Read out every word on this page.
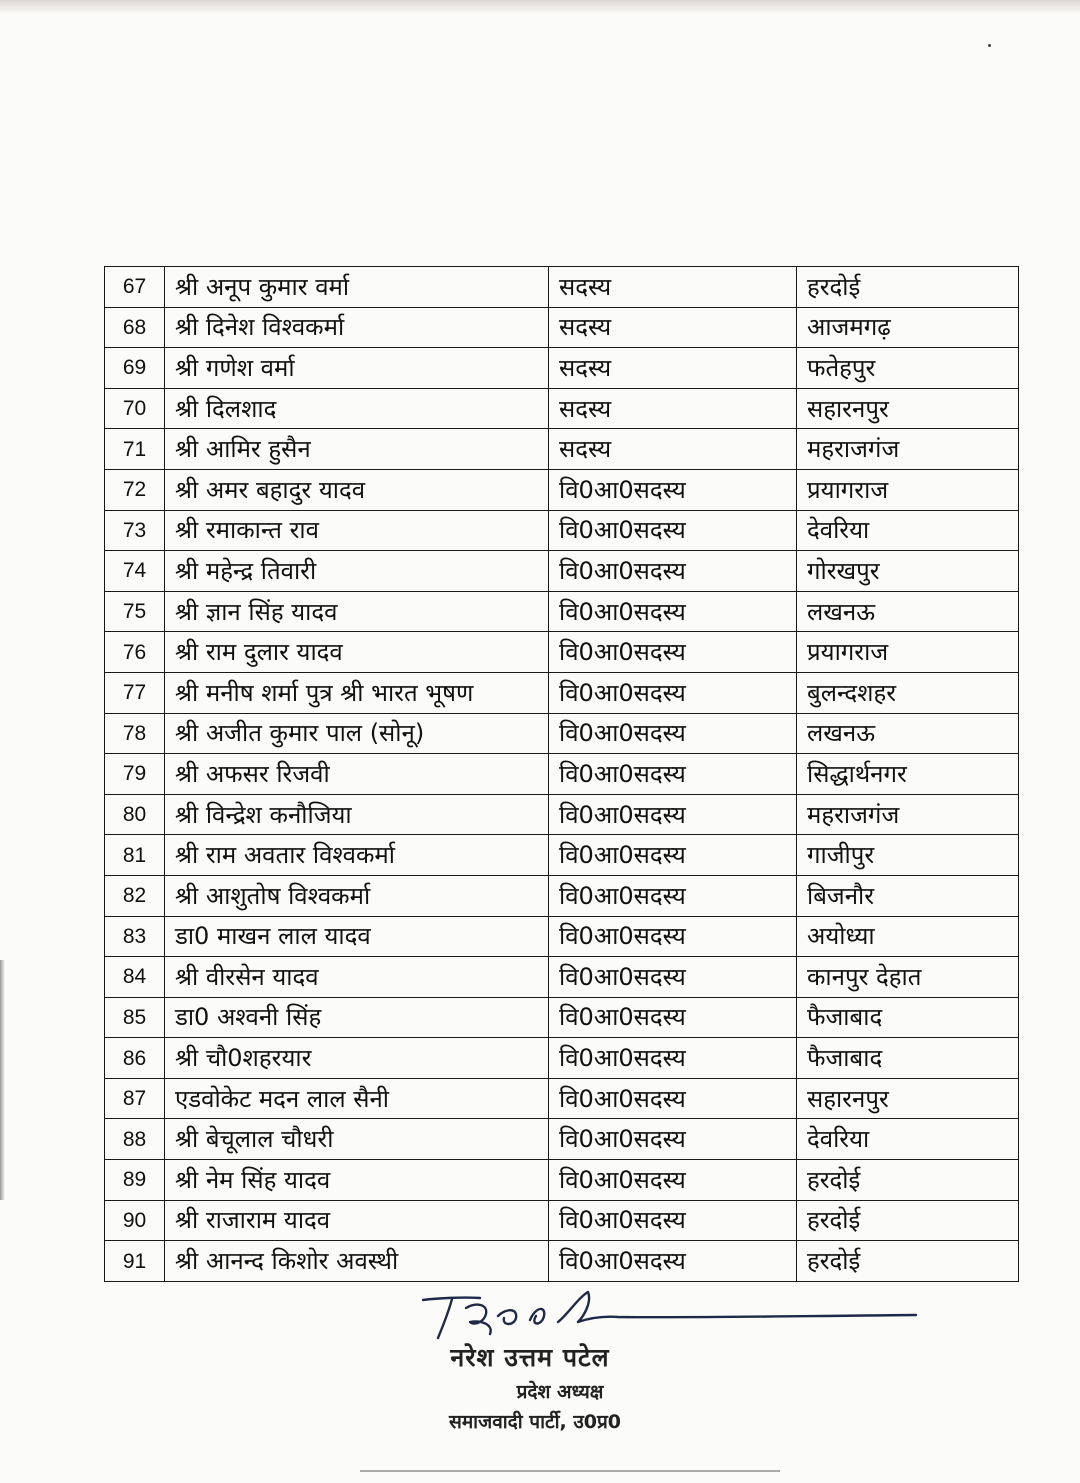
67	श्री अनूप कुमार वर्मा	सदस्य	हरदोई
68	श्री दिनेश विश्वकर्मा	सदस्य	आजमगढ़
69	श्री गणेश वर्मा	सदस्य	फतेहपुर
70	श्री दिलशाद	सदस्य	सहारनपुर
71	श्री आमिर हुसैन	सदस्य	महराजगंज
72	श्री अमर बहादुर यादव	वि0आ0सदस्य	प्रयागराज
73	श्री रमाकान्त राव	वि0आ0सदस्य	देवरिया
74	श्री महेन्द्र तिवारी	वि0आ0सदस्य	गोरखपुर
75	श्री ज्ञान सिंह यादव	वि0आ0सदस्य	लखनऊ
76	श्री राम दुलार यादव	वि0आ0सदस्य	प्रयागराज
77	श्री मनीष शर्मा पुत्र श्री भारत भूषण	वि0आ0सदस्य	बुलन्दशहर
78	श्री अजीत कुमार पाल (सोनू)	वि0आ0सदस्य	लखनऊ
79	श्री अफसर रिजवी	वि0आ0सदस्य	सिद्धार्थनगर
80	श्री विन्द्रेश कनौजिया	वि0आ0सदस्य	महराजगंज
81	श्री राम अवतार विश्वकर्मा	वि0आ0सदस्य	गाजीपुर
82	श्री आशुतोष विश्वकर्मा	वि0आ0सदस्य	बिजनौर
83	डा0 माखन लाल यादव	वि0आ0सदस्य	अयोध्या
84	श्री वीरसेन यादव	वि0आ0सदस्य	कानपुर देहात
85	डा0 अश्वनी सिंह	वि0आ0सदस्य	फैजाबाद
86	श्री चौ0शहरयार	वि0आ0सदस्य	फैजाबाद
87	एडवोकेट मदन लाल सैनी	वि0आ0सदस्य	सहारनपुर
88	श्री बेचूलाल चौधरी	वि0आ0सदस्य	देवरिया
89	श्री नेम सिंह यादव	वि0आ0सदस्य	हरदोई
90	श्री राजाराम यादव	वि0आ0सदस्य	हरदोई
91	श्री आनन्द किशोर अवस्थी	वि0आ0सदस्य	हरदोई
नरेश उत्तम पटेल
प्रदेश अध्यक्ष
समाजवादी पार्टी, उ0प्र0
